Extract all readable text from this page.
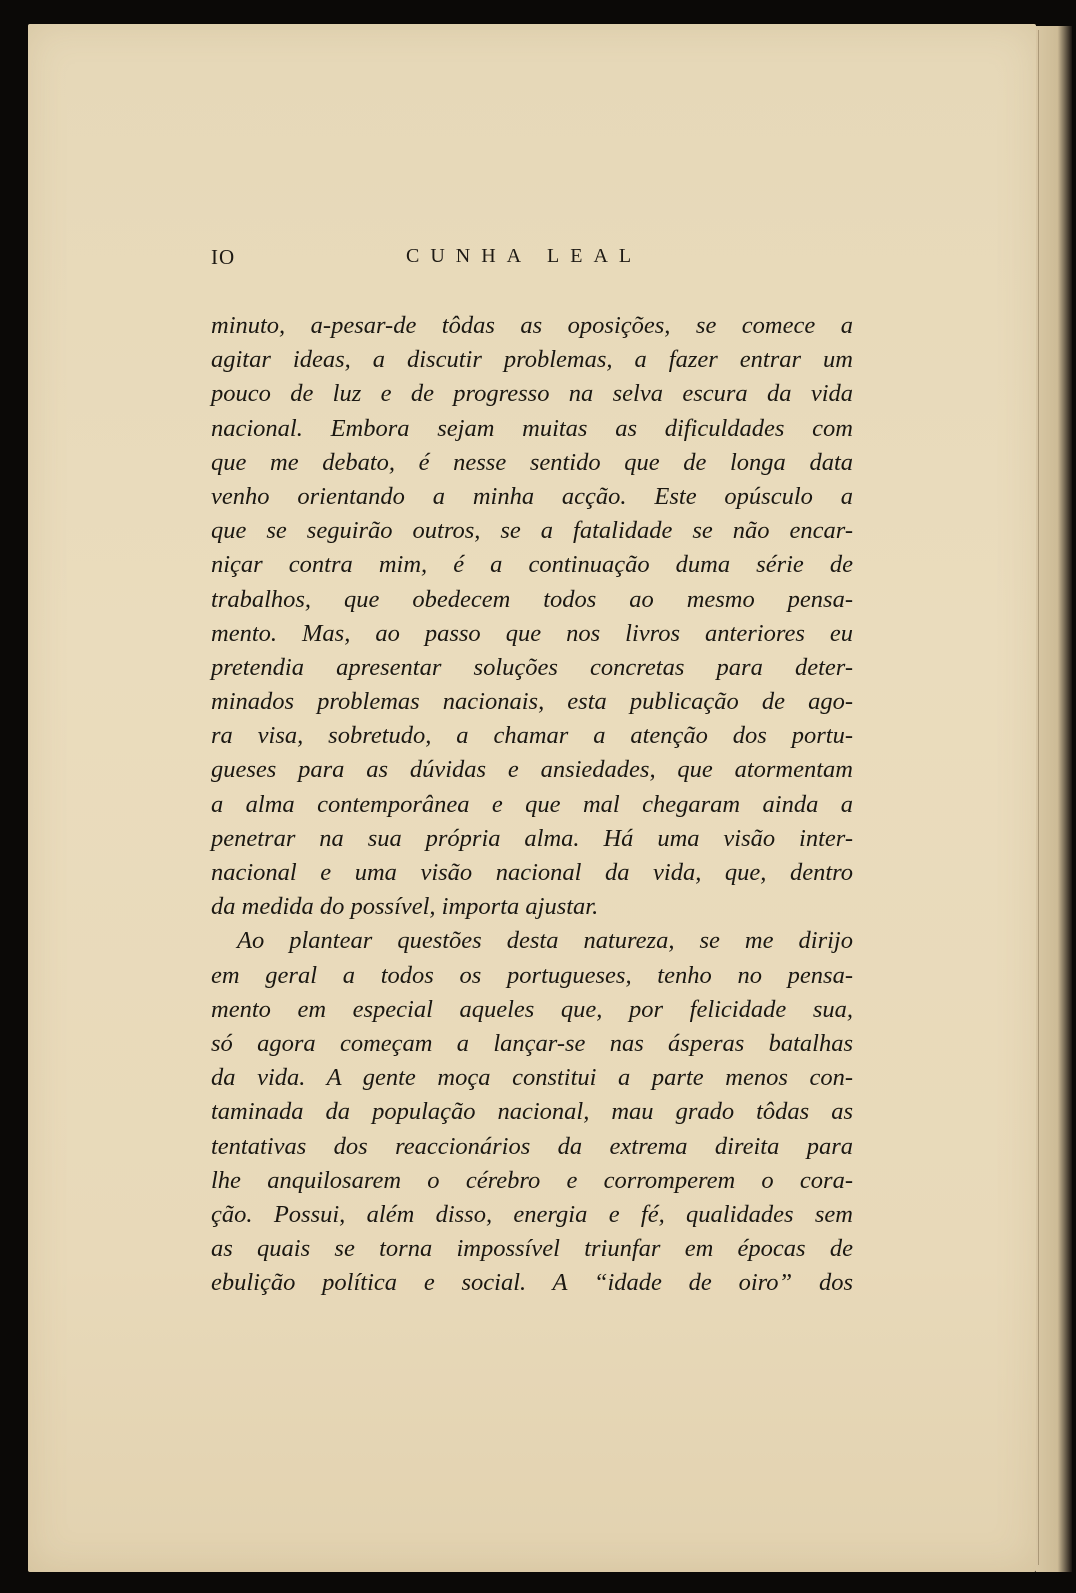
IO	CUNHA LEAL
minuto, a-pesar-de tôdas as oposições, se comece a
agitar ideas, a discutir problemas, a fazer entrar um
pouco de luz e de progresso na selva escura da vida
nacional. Embora sejam muitas as dificuldades com
que me debato, é nesse sentido que de longa data
venho orientando a minha acção. Este opúsculo a
que se seguirão outros, se a fatalidade se não encar-
niçar contra mim, é a continuação duma série de
trabalhos, que obedecem todos ao mesmo pensa-
mento. Mas, ao passo que nos livros anteriores eu
pretendia apresentar soluções concretas para deter-
minados problemas nacionais, esta publicação de ago-
ra visa, sobretudo, a chamar a atenção dos portu-
gueses para as dúvidas e ansiedades, que atormentam
a alma contemporânea e que mal chegaram ainda a
penetrar na sua própria alma. Há uma visão inter-
nacional e uma visão nacional da vida, que, dentro
da medida do possível, importa ajustar.
Ao plantear questões desta natureza, se me dirijo
em geral a todos os portugueses, tenho no pensa-
mento em especial aqueles que, por felicidade sua,
só agora começam a lançar-se nas ásperas batalhas
da vida. A gente moça constitui a parte menos con-
taminada da população nacional, mau grado tôdas as
tentativas dos reaccionários da extrema direita para
lhe anquilosarem o cérebro e corromperem o cora-
ção. Possui, além disso, energia e fé, qualidades sem
as quais se torna impossível triunfar em épocas de
ebulição política e social. A “idade de oiro” dos
